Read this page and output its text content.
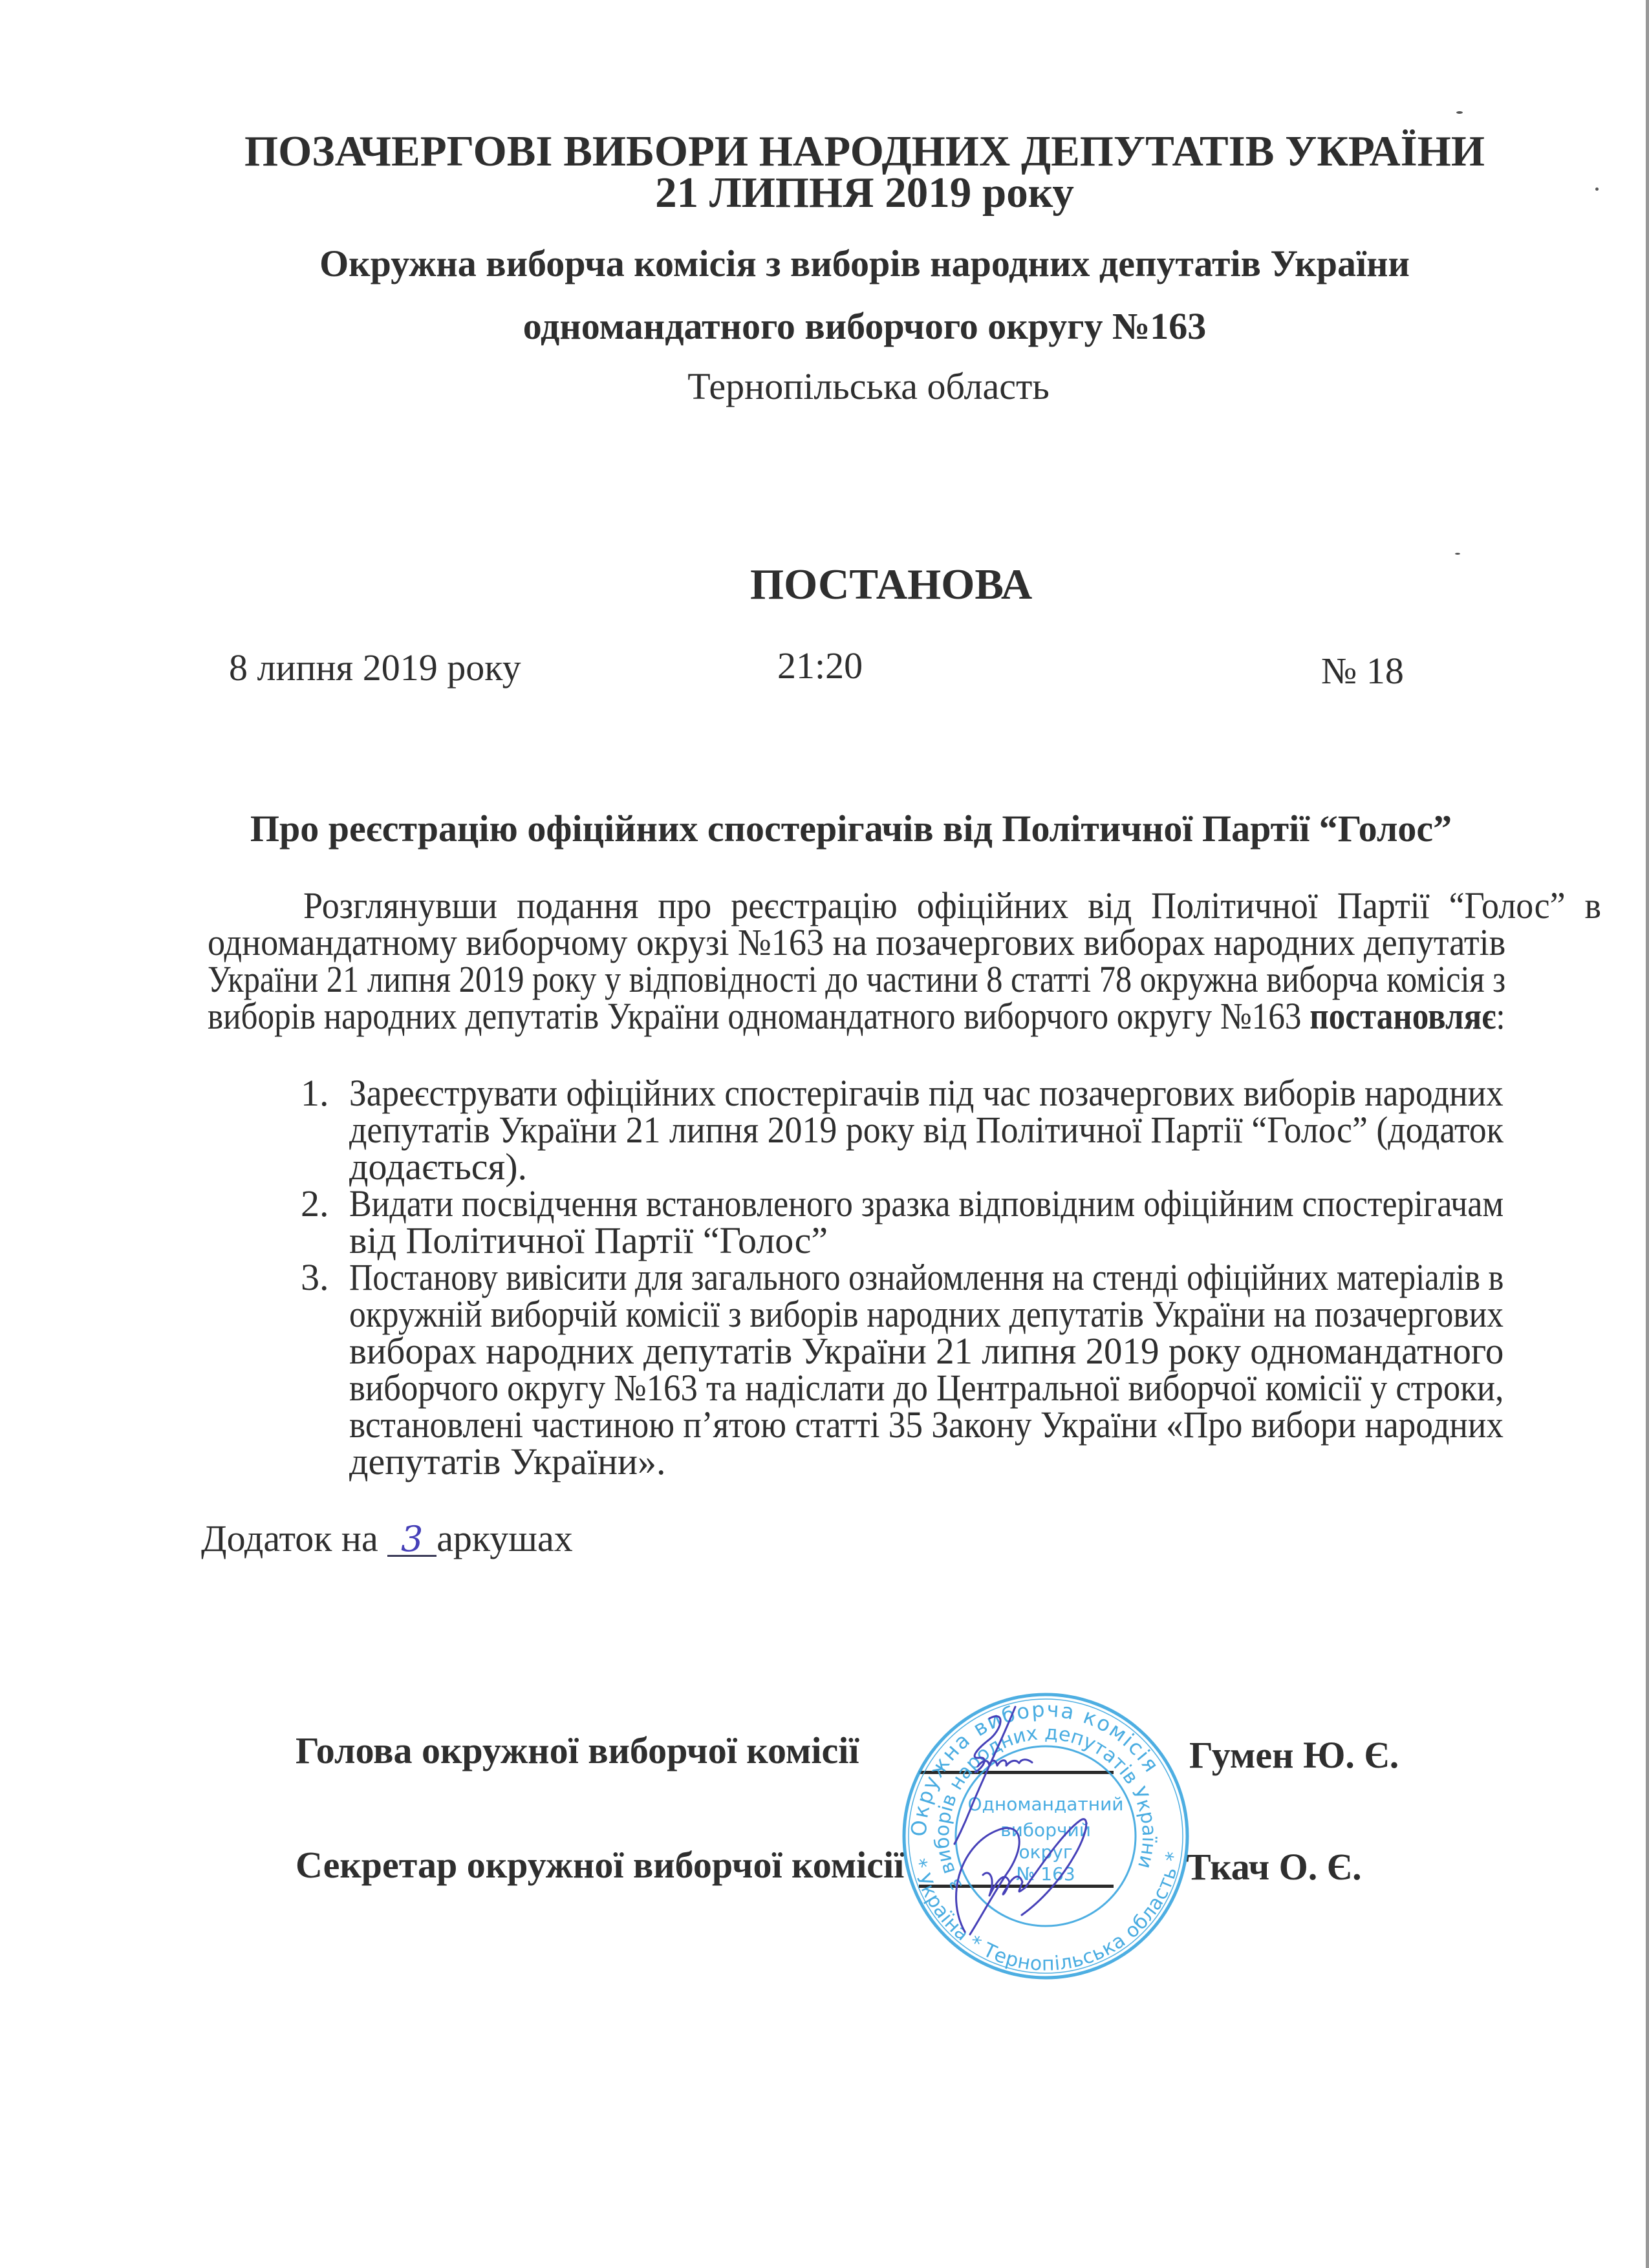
ПОЗАЧЕРГОВІ ВИБОРИ НАРОДНИХ ДЕПУТАТІВ УКРАЇНИ
21 ЛИПНЯ 2019 року
Окружна виборча комісія з виборів народних депутатів України
одномандатного виборчого округу №163
Тернопільська область
ПОСТАНОВА
8 липня 2019 року	21:20	№ 18
Про реєстрацію офіційних спостерігачів від Політичної Партії “Голос”
Розглянувши подання про реєстрацію офіційних від Політичної Партії “Голос” в
одномандатному виборчому окрузі №163 на позачергових виборах народних депутатів
України 21 липня 2019 року у відповідності до частини 8 статті 78 окружна виборча комісія з
виборів народних депутатів України одномандатного виборчого округу №163 постановляє:
1. Зареєструвати офіційних спостерігачів під час позачергових виборів народних
депутатів України 21 липня 2019 року від Політичної Партії “Голос” (додаток
додається).
2. Видати посвідчення встановленого зразка відповідним офіційним спостерігачам
від Політичної Партії “Голос”
3. Постанову вивісити для загального ознайомлення на стенді офіційних матеріалів в
окружній виборчій комісії з виборів народних депутатів України на позачергових
виборах народних депутатів України 21 липня 2019 року одномандатного
виборчого округу №163 та надіслати до Центральної виборчої комісії у строки,
встановлені частиною п’ятою статті 35 Закону України «Про вибори народних
депутатів України».
Додаток на 3 аркушах
Голова окружної виборчої комісії
Секретар окружної виборчої комісії
Гумен Ю. Є.
Ткач О. Є.
Окружна виборча комісія
з виборів народних депутатів України
* Україна * Тернопільська область *
Одномандатний
виборчий
округ
№ 163
